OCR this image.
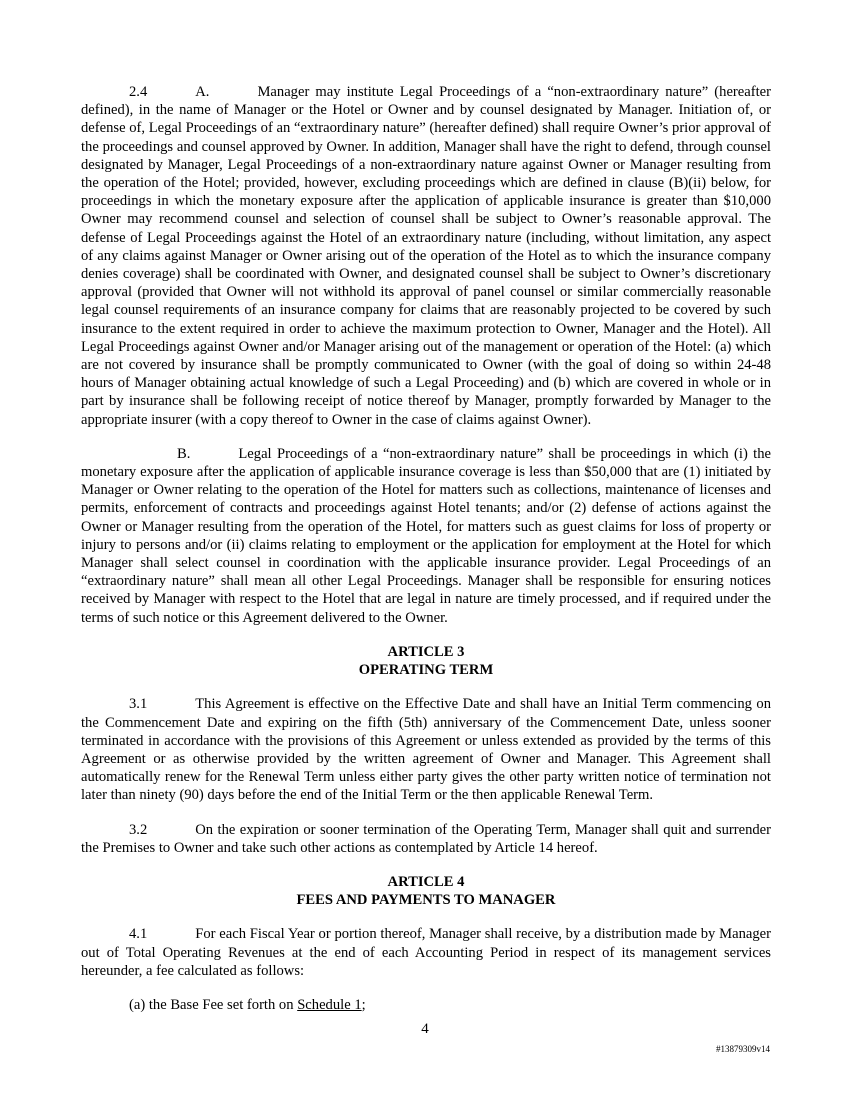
2.4	A.	Manager may institute Legal Proceedings of a “non-extraordinary nature” (hereafter defined), in the name of Manager or the Hotel or Owner and by counsel designated by Manager. Initiation of, or defense of, Legal Proceedings of an “extraordinary nature” (hereafter defined) shall require Owner’s prior approval of the proceedings and counsel approved by Owner. In addition, Manager shall have the right to defend, through counsel designated by Manager, Legal Proceedings of a non-extraordinary nature against Owner or Manager resulting from the operation of the Hotel; provided, however, excluding proceedings which are defined in clause (B)(ii) below, for proceedings in which the monetary exposure after the application of applicable insurance is greater than $10,000 Owner may recommend counsel and selection of counsel shall be subject to Owner’s reasonable approval. The defense of Legal Proceedings against the Hotel of an extraordinary nature (including, without limitation, any aspect of any claims against Manager or Owner arising out of the operation of the Hotel as to which the insurance company denies coverage) shall be coordinated with Owner, and designated counsel shall be subject to Owner’s discretionary approval (provided that Owner will not withhold its approval of panel counsel or similar commercially reasonable legal counsel requirements of an insurance company for claims that are reasonably projected to be covered by such insurance to the extent required in order to achieve the maximum protection to Owner, Manager and the Hotel). All Legal Proceedings against Owner and/or Manager arising out of the management or operation of the Hotel: (a) which are not covered by insurance shall be promptly communicated to Owner (with the goal of doing so within 24-48 hours of Manager obtaining actual knowledge of such a Legal Proceeding) and (b) which are covered in whole or in part by insurance shall be following receipt of notice thereof by Manager, promptly forwarded by Manager to the appropriate insurer (with a copy thereof to Owner in the case of claims against Owner).

B.	Legal Proceedings of a “non-extraordinary nature” shall be proceedings in which (i) the monetary exposure after the application of applicable insurance coverage is less than $50,000 that are (1) initiated by Manager or Owner relating to the operation of the Hotel for matters such as collections, maintenance of licenses and permits, enforcement of contracts and proceedings against Hotel tenants; and/or (2) defense of actions against the Owner or Manager resulting from the operation of the Hotel, for matters such as guest claims for loss of property or injury to persons and/or (ii) claims relating to employment or the application for employment at the Hotel for which Manager shall select counsel in coordination with the applicable insurance provider. Legal Proceedings of an “extraordinary nature” shall mean all other Legal Proceedings. Manager shall be responsible for ensuring notices received by Manager with respect to the Hotel that are legal in nature are timely processed, and if required under the terms of such notice or this Agreement delivered to the Owner.

ARTICLE 3

OPERATING TERM

3.1	This Agreement is effective on the Effective Date and shall have an Initial Term commencing on the Commencement Date and expiring on the fifth (5th) anniversary of the Commencement Date, unless sooner terminated in accordance with the provisions of this Agreement or unless extended as provided by the terms of this Agreement or as otherwise provided by the written agreement of Owner and Manager. This Agreement shall automatically renew for the Renewal Term unless either party gives the other party written notice of termination not later than ninety (90) days before the end of the Initial Term or the then applicable Renewal Term.

3.2	On the expiration or sooner termination of the Operating Term, Manager shall quit and surrender the Premises to Owner and take such other actions as contemplated by Article 14 hereof.

ARTICLE 4

FEES AND PAYMENTS TO MANAGER

4.1	For each Fiscal Year or portion thereof, Manager shall receive, by a distribution made by Manager out of Total Operating Revenues at the end of each Accounting Period in respect of its management services hereunder, a fee calculated as follows:

(a) the Base Fee set forth on Schedule 1;

4
#13879309v14
